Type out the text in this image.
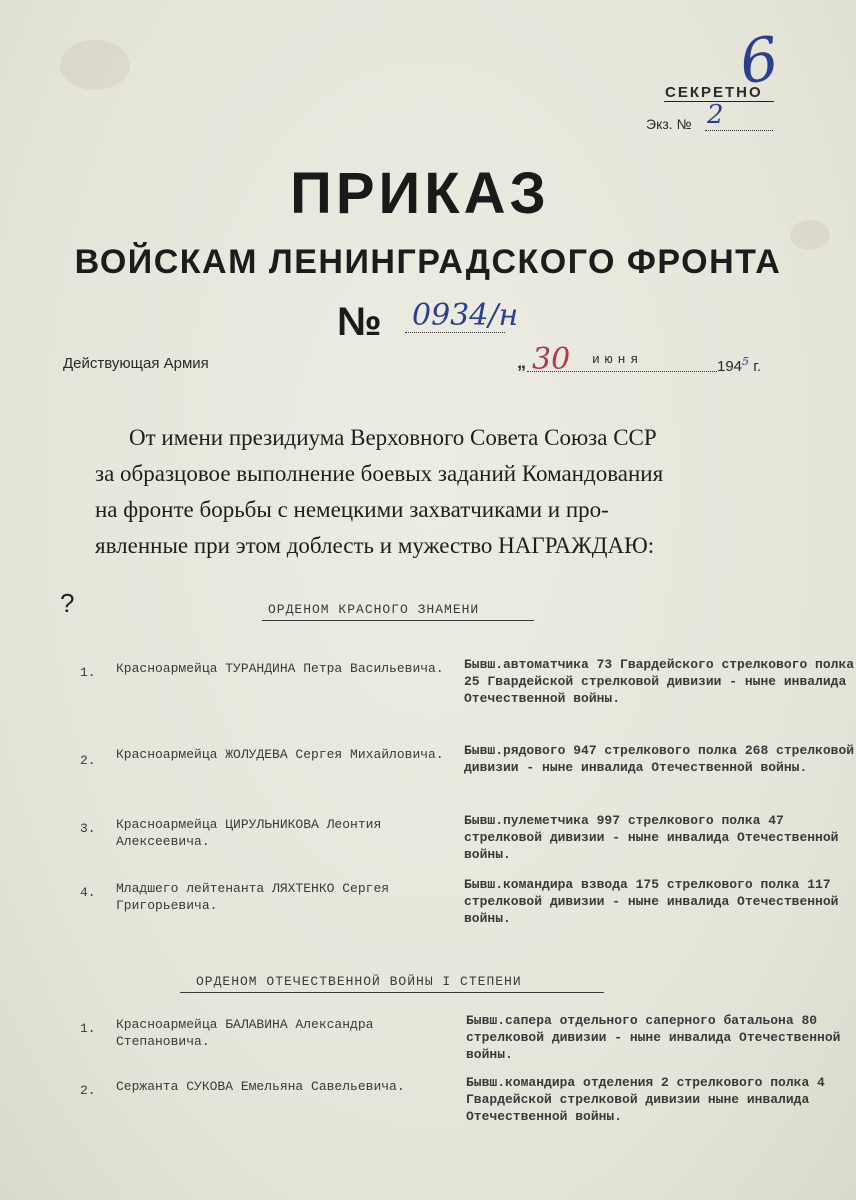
6
СЕКРЕТНО
Экз. № 2
ПРИКАЗ
ВОЙСКАМ ЛЕНИНГРАДСКОГО ФРОНТА
№ 0934/н
Действующая Армия	„ 30 июня	$194^5$ г.

От имени президиума Верховного Совета Союза ССР

за образцовое выполнение боевых заданий Командования

на фронте борьбы с немецкими захватчиками и про-

явленные при этом доблесть и мужество НАГРАЖДАЮ:

?	ОРДЕНОМ КРАСНОГО ЗНАМЕНИ
1. Красноармейца ТУРАНДИНА Петра Васильевича. Бывш.автоматчика 73 Гвардейского стрелкового полка 25 Гвардейской стрелковой дивизии - ныне инвалида Отечественной войны.
2. Красноармейца ЖОЛУДЕВА Сергея Михайловича. Бывш.рядового 947 стрелкового полка 268 стрелковой дивизии - ныне инвалида Отечественной войны.
3. Красноармейца ЦИРУЛЬНИКОВА Леонтия Алексеевича.
Бывш.пулеметчика 997 стрелкового полка 47 стрелковой дивизии - ныне инвалида Отечественной войны.
4. Младшего лейтенанта ЛЯХТЕНКО Сергея Григорьевича.
Бывш.командира взвода 175 стрелкового полка 117 стрелковой дивизии - ныне инвалида Отечественной войны.
ОРДЕНОМ ОТЕЧЕСТВЕННОЙ ВОЙНЫ I СТЕПЕНИ
1. Красноармейца БАЛАВИНА Александра Степановича.
Бывш.сапера отдельного саперного батальона 80 стрелковой дивизии - ныне инвалида Отечественной войны.
2. Сержанта СУКОВА Емельяна Савельевича.	Бывш.командира отделения 2 стрелкового полка 4 Гвардейской стрелковой дивизии ныне инвалида Отечественной войны.
